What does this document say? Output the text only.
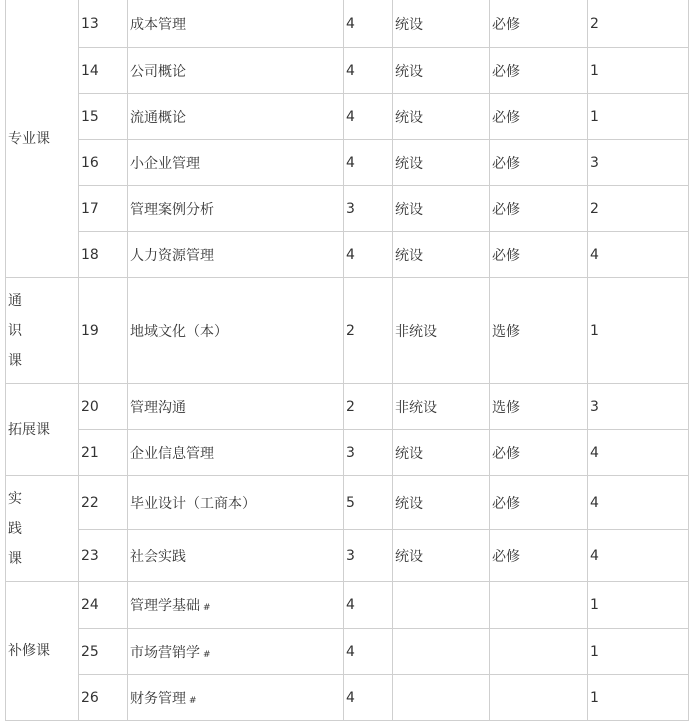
专业课	13	成本管理	4	统设	必修	2
	14	公司概论	4	统设	必修	1
	15	流通概论	4	统设	必修	1
	16	小企业管理	4	统设	必修	3
	17	管理案例分析	3	统设	必修	2
	18	人力资源管理	4	统设	必修	4

通
识
课	19	地域文化（本）	2	非统设	选修	1
拓展课	20	管理沟通	2	非统设	选修	3
	21	企业信息管理	3	统设	必修	4

实
践
课	22	毕业设计（工商本）	5	统设	必修	4
	23	社会实践	3	统设	必修	4
补修课	24	管理学基础 #	4			1
	25	市场营销学 #	4			1
	26	财务管理 #	4			1
